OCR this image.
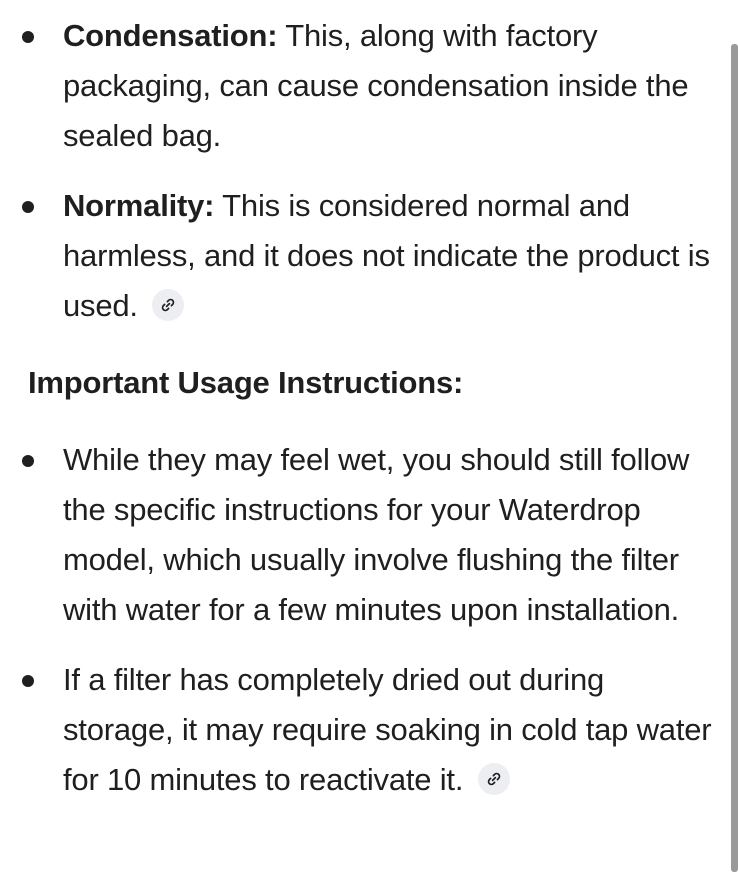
Condensation: This, along with factory packaging, can cause condensation inside the sealed bag.
Normality: This is considered normal and harmless, and it does not indicate the product is used.
Important Usage Instructions:
While they may feel wet, you should still follow the specific instructions for your Waterdrop model, which usually involve flushing the filter with water for a few minutes upon installation.
If a filter has completely dried out during storage, it may require soaking in cold tap water for 10 minutes to reactivate it.
